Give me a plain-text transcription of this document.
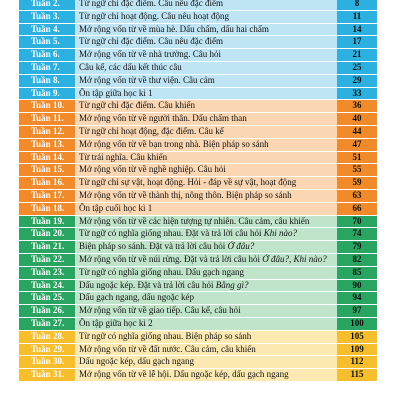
Tuần 2.	Từ ngữ chỉ đặc điểm. Câu nêu đặc điểm	8
Tuần 3.	Từ ngữ chỉ hoạt động. Câu nêu hoạt động	11
Tuần 4.	Mở rộng vốn từ về mùa hè. Dấu chấm, dấu hai chấm	14
Tuần 5.	Từ ngữ chỉ đặc điểm. Câu nêu đặc điểm	17
Tuần 6.	Mở rộng vốn từ về nhà trường. Câu hỏi	21
Tuần 7.	Câu kể, các dấu kết thúc câu	25
Tuần 8.	Mở rộng vốn từ về thư viện. Câu cảm	29
Tuần 9.	Ôn tập giữa học kì 1	33
Tuần 10.	Từ ngữ chỉ đặc điểm. Câu khiến	36
Tuần 11.	Mở rộng vốn từ về người thân. Dấu chấm than	40
Tuần 12.	Từ ngữ chỉ hoạt động, đặc điểm. Câu kể	44
Tuần 13.	Mở rộng vốn từ về bạn trong nhà. Biện pháp so sánh	47
Tuần 14.	Từ trái nghĩa. Câu khiến	51
Tuần 15.	Mở rộng vốn từ về nghề nghiệp. Câu hỏi	55
Tuần 16.	Từ ngữ chỉ sự vật, hoạt động. Hỏi - đáp về sự vật, hoạt động	59
Tuần 17.	Mở rộng vốn từ về thành thị, nông thôn. Biện pháp so sánh	63
Tuần 18.	Ôn tập cuối học kì 1	66
Tuần 19.	Mở rộng vốn từ về các hiện tượng tự nhiên. Câu cảm, câu khiến	70
Tuần 20.	Từ ngữ có nghĩa giống nhau. Đặt và trả lời câu hỏi Khi nào?	74
Tuần 21.	Biện pháp so sánh. Đặt và trả lời câu hỏi Ở đâu?	79
Tuần 22.	Mở rộng vốn từ về núi rừng. Đặt và trả lời câu hỏi Ở đâu?, Khi nào?	82
Tuần 23.	Từ ngữ có nghĩa giống nhau. Dấu gạch ngang	85
Tuần 24.	Dấu ngoặc kép. Đặt và trả lời câu hỏi Bằng gì?	90
Tuần 25.	Dấu gạch ngang, dấu ngoặc kép	94
Tuần 26.	Mở rộng vốn từ về giao tiếp. Câu kể, câu hỏi	97
Tuần 27.	Ôn tập giữa học kì 2	100
Tuần 28.	Từ ngữ có nghĩa giống nhau. Biện pháp so sánh	105
Tuần 29.	Mở rộng vốn từ về đất nước. Câu cảm, câu khiến	109
Tuần 30.	Dấu ngoặc kép, dấu gạch ngang	112
Tuần 31.	Mở rộng vốn từ về lễ hội. Dấu ngoặc kép, dấu gạch ngang	115
